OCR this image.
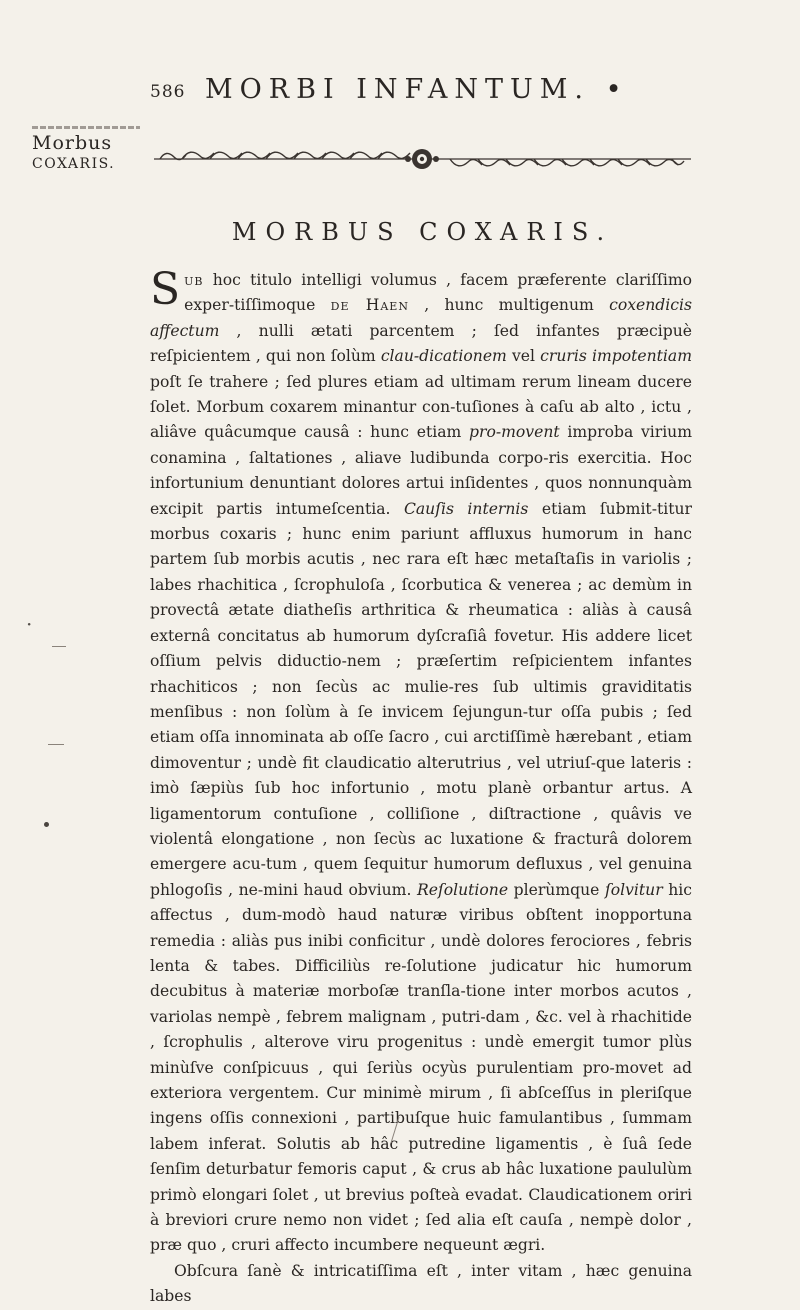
586 MORBI INFANTUM. •
Morbus
COXARIS.
MORBUS COXARIS.

Sub hoc titulo intelligi volumus , facem præferente clariſſimo exper-tiſſimoque de Haen , hunc multigenum coxendicis affectum , nulli ætati parcentem ; ſed infantes præcipuè reſpicientem , qui non ſolùm clau-dicationem vel cruris impotentiam poſt ſe trahere ; ſed plures etiam ad ultimam rerum lineam ducere ſolet. Morbum coxarem minantur con-tuſiones à caſu ab alto , ictu , aliâve quâcumque causâ : hunc etiam pro-movent improba virium conamina , ſaltationes , aliave ludibunda corpo-ris exercitia. Hoc infortunium denuntiant dolores artui inſidentes , quos nonnunquàm excipit partis intumeſcentia. Cauſis internis etiam ſubmit-titur morbus coxaris ; hunc enim pariunt affluxus humorum in hanc partem ſub morbis acutis , nec rara eſt hæc metaſtaſis in variolis ; labes rhachitica , ſcrophuloſa , ſcorbutica & venerea ; ac demùm in provectâ ætate diatheſis arthritica & rheumatica : aliàs à causâ externâ concitatus ab humorum dyſcraſiâ fovetur. His addere licet oſſium pelvis diductio-nem ; præſertim reſpicientem infantes rhachiticos ; non ſecùs ac mulie-res ſub ultimis graviditatis menſibus : non ſolùm à ſe invicem ſejungun-tur oſſa pubis ; ſed etiam oſſa innominata ab oſſe ſacro , cui arctiſſimè hærebant , etiam dimoventur ; undè fit claudicatio alterutrius , vel utriuſ-que lateris : imò ſæpiùs ſub hoc infortunio , motu planè orbantur artus. A ligamentorum contuſione , colliſione , diſtractione , quâvis ve violentâ elongatione , non ſecùs ac luxatione & fracturâ dolorem emergere acu-tum , quem ſequitur humorum defluxus , vel genuina phlogoſis , ne-mini haud obvium. Reſolutione plerùmque ſolvitur hic affectus , dum-modò haud naturæ viribus obſtent inopportuna remedia : aliàs pus inibi conficitur , undè dolores ferociores , febris lenta & tabes. Difficiliùs re-ſolutione judicatur hic humorum decubitus à materiæ morboſæ tranſla-tione inter morbos acutos , variolas nempè , febrem malignam , putri-dam , &c. vel à rhachitide , ſcrophulis , alterove viru progenitus : undè emergit tumor plùs minùſve conſpicuus , qui ſeriùs ocyùs purulentiam pro-movet ad exteriora vergentem. Cur minimè mirum , ſi abſceſſus in pleriſque ingens oſſis connexioni , partibuſque huic famulantibus , ſummam labem inferat. Solutis ab hâc putredine ligamentis , è ſuâ ſede ſenſim deturbatur femoris caput , & crus ab hâc luxatione paululùm primò elongari ſolet , ut brevius poſteà evadat. Claudicationem oriri à breviori crure nemo non videt ; ſed alia eſt cauſa , nempè dolor , præ quo , cruri affecto incumbere nequeunt ægri.

Obſcura ſanè & intricatiſſima eſt , inter vitam , hæc genuina labes

·
